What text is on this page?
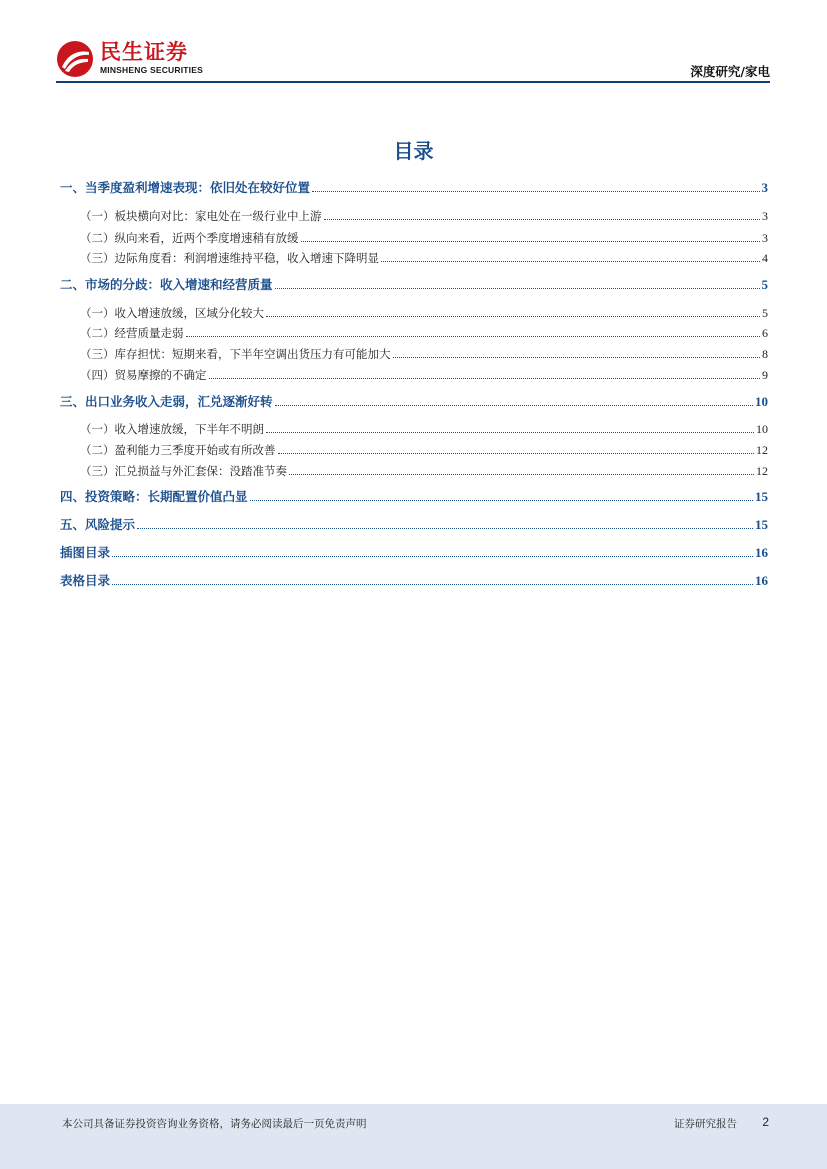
民生证券
MINSHENG SECURITIES	深度研究/家电
目录
一、当季度盈利增速表现：依旧处在较好位置	3
（一）板块横向对比：家电处在一级行业中上游	3
（二）纵向来看，近两个季度增速稍有放缓	3
（三）边际角度看：利润增速维持平稳，收入增速下降明显	4
二、市场的分歧：收入增速和经营质量	5
（一）收入增速放缓，区域分化较大	5
（二）经营质量走弱	6
（三）库存担忧：短期来看，下半年空调出货压力有可能加大	8
（四）贸易摩擦的不确定	9
三、出口业务收入走弱，汇兑逐渐好转	10
（一）收入增速放缓，下半年不明朗	10
（二）盈利能力三季度开始或有所改善	12
（三）汇兑损益与外汇套保：没踏准节奏	12
四、投资策略：长期配置价值凸显	15
五、风险提示	15
插图目录	16
表格目录	16
本公司具备证券投资咨询业务资格，请务必阅读最后一页免责声明	证券研究报告 2
